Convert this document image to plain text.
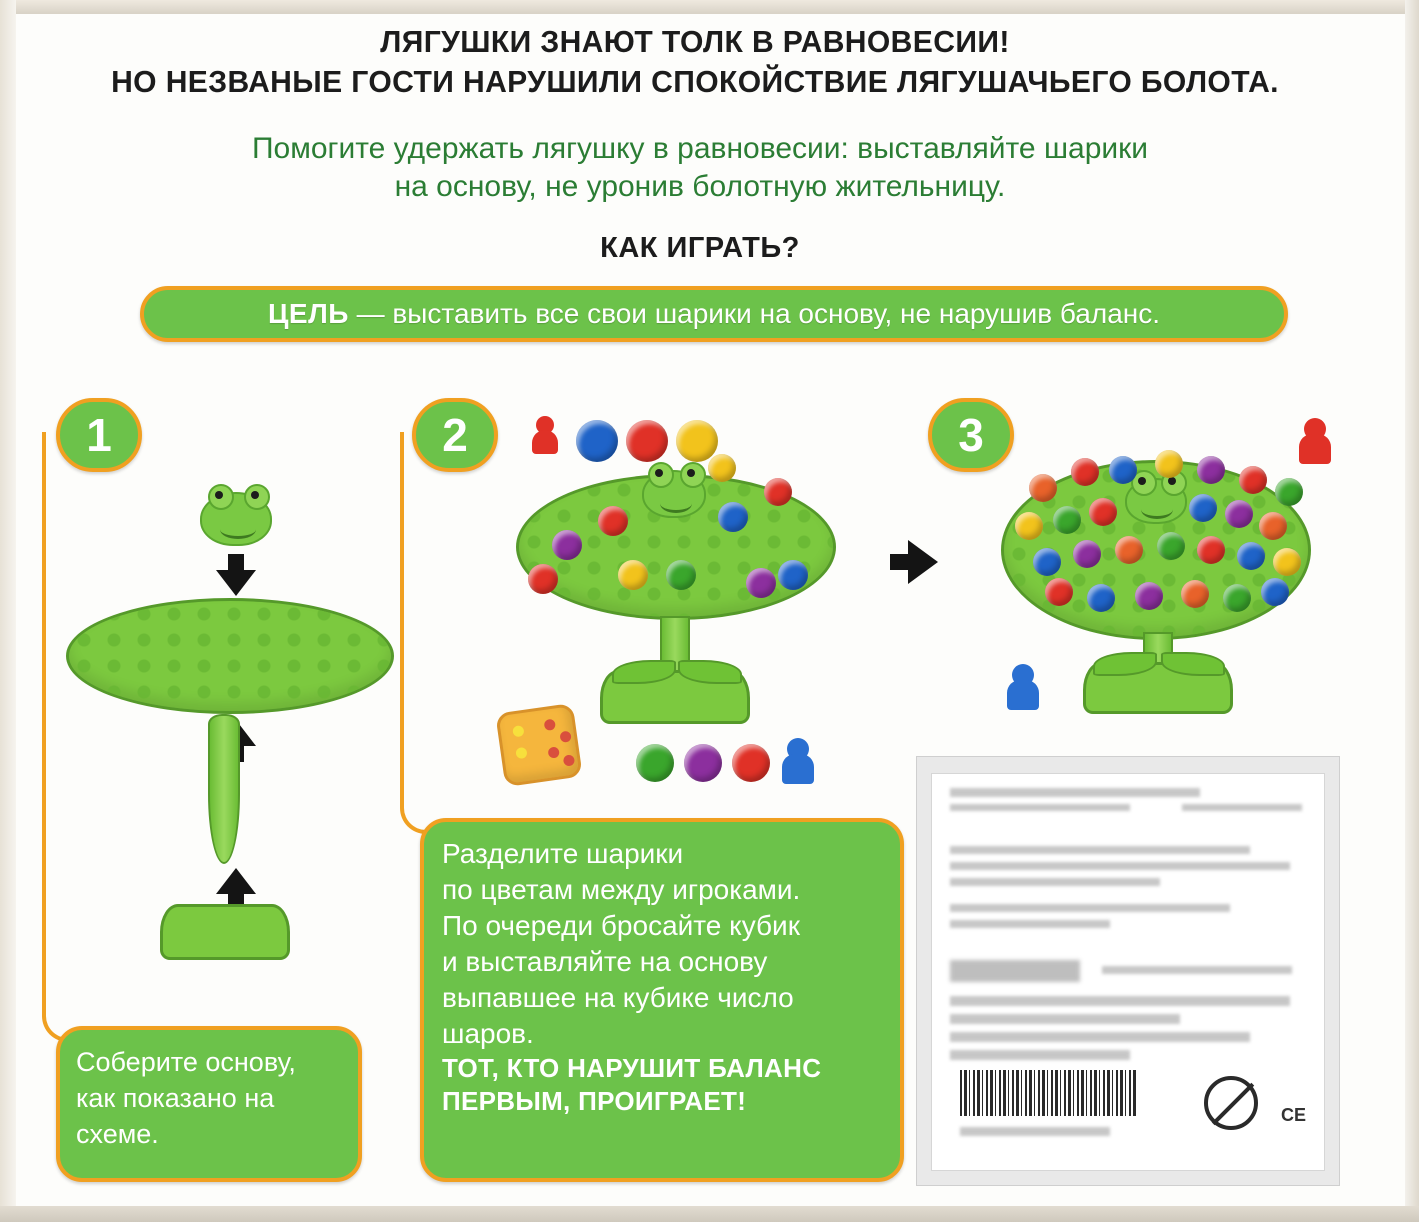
ЛЯГУШКИ ЗНАЮТ ТОЛК В РАВНОВЕСИИ!
НО НЕЗВАНЫЕ ГОСТИ НАРУШИЛИ СПОКОЙСТВИЕ ЛЯГУШАЧЬЕГО БОЛОТА.
Помогите удержать лягушку в равновесии: выставляйте шарики
на основу, не уронив болотную жительницу.
КАК ИГРАТЬ?
ЦЕЛЬ — выставить все свои шарики на основу, не нарушив баланс.
1	2	3
Соберите основу, как показано на схеме.
Разделите шарики
по цветам между игроками.
По очереди бросайте кубик
и выставляйте на основу
выпавшее на кубике число
шаров.
ТОТ, КТО НАРУШИТ БАЛАНС
ПЕРВЫМ, ПРОИГРАЕТ!	CE
